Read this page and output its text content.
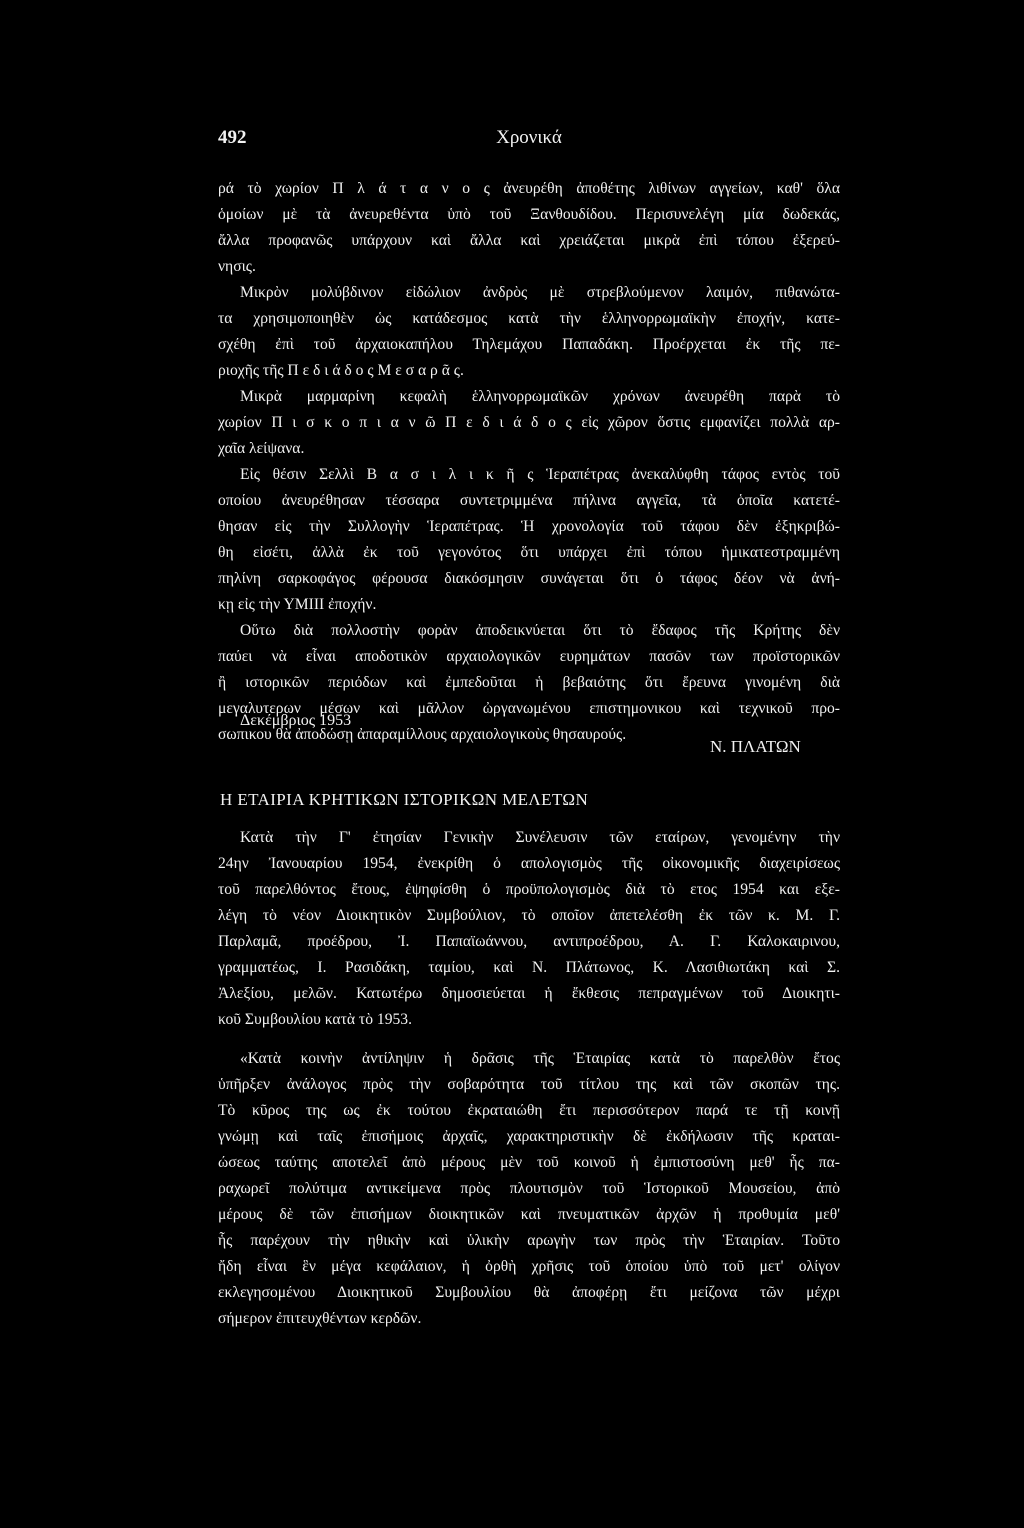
492	Χρονικά
ρά τὸ χωρίον Π λ ά τ α ν ο ς ἀνευρέθη ἀποθέτης λιθίνων αγγείων, καθ' ὅλα
ὁμοίων μὲ τὰ ἀνευρεθέντα ὑπὸ τοῦ Ξανθουδίδου. Περισυνελέγη μία δωδεκάς,
ἄλλα προφανῶς υπάρχουν καὶ ἄλλα καὶ χρειάζεται μικρὰ ἐπὶ τόπου ἐξερεύ-
νησις.
Μικρὸν μολύβδινον εἰδώλιον ἀνδρὸς μὲ στρεβλούμενον λαιμόν, πιθανώτα-
τα χρησιμοποιηθὲν ὡς κατάδεσμος κατὰ τὴν ἑλληνορρωμαϊκὴν ἐποχήν, κατε-
σχέθη ἐπὶ τοῦ ἀρχαιοκαπήλου Τηλεμάχου Παπαδάκη. Προέρχεται ἐκ τῆς πε-
ριοχῆς τῆς Π ε δ ι ά δ ο ς Μ ε σ α ρ ᾶ ς.
Μικρὰ μαρμαρίνη κεφαλὴ ἑλληνορρωμαϊκῶν χρόνων ἀνευρέθη παρὰ τὸ
χωρίον Π ι σ κ ο π ι α ν ῶ Π ε δ ι ά δ ο ς εἰς χῶρον ὅστις εμφανίζει πολλὰ αρ-
χαῖα λείψανα.
Εἰς θέσιν Σελλὶ Β α σ ι λ ι κ ῆ ς Ἱεραπέτρας ἀνεκαλύφθη τάφος εντὸς τοῦ
οποίου ἀνευρέθησαν τέσσαρα συντετριμμένα πήλινα αγγεῖα, τὰ ὁποῖα κατετέ-
θησαν εἰς τὴν Συλλογὴν Ἱεραπέτρας. Ἡ χρονολογία τοῦ τάφου δὲν ἐξηκριβώ-
θη εἰσέτι, ἀλλὰ ἐκ τοῦ γεγονότος ὅτι υπάρχει ἐπὶ τόπου ἡμικατεστραμμένη
πηλίνη σαρκοφάγος φέρουσα διακόσμησιν συνάγεται ὅτι ὁ τάφος δέον νὰ ἀνή-
κῃ εἰς τὴν ΥΜΙΙΙ ἐποχήν.
Οὕτω διὰ πολλοστὴν φορὰν ἀποδεικνύεται ὅτι τὸ ἔδαφος τῆς Κρήτης δὲν
παύει νὰ εἶναι αποδοτικὸν αρχαιολογικῶν ευρημάτων πασῶν των προϊστορικῶν
ἢ ιστορικῶν περιόδων καὶ ἐμπεδοῦται ἡ βεβαιότης ὅτι ἔρευνα γινομένη διὰ
μεγαλυτερων μέσων καὶ μᾶλλον ὠργανωμένου επιστημονικου καὶ τεχνικοῦ προ-
σωπικου θὰ ἀποδώσῃ ἀπαραμίλλους αρχαιολογικοὺς θησαυρούς.
Δεκέμβριος 1953
Ν. ΠΛΑΤΩΝ
Η ΕΤΑΙΡΙΑ ΚΡΗΤΙΚΩΝ ΙΣΤΟΡΙΚΩΝ ΜΕΛΕΤΩΝ
Κατὰ τὴν Γ' ἐτησίαν Γενικὴν Συνέλευσιν τῶν εταίρων, γενομένην τὴν
24ην Ἰανουαρίου 1954, ἐνεκρίθη ὁ απολογισμὸς τῆς οἰκονομικῆς διαχειρίσεως
τοῦ παρελθόντος ἔτους, ἐψηφίσθη ὁ προϋπολογισμὸς διὰ τὸ ετος 1954 και εξε-
λέγη τὸ νέον Διοικητικὸν Συμβούλιον, τὸ οποῖον ἀπετελέσθη ἐκ τῶν κ. Μ. Γ.
Παρλαμᾶ, προέδρου, Ἰ. Παπαϊωάννου, αντιπροέδρου, Α. Γ. Καλοκαιρινου,
γραμματέως, Ι. Ρασιδάκη, ταμίου, καὶ Ν. Πλάτωνος, Κ. Λασιθιωτάκη καὶ Σ.
Ἀλεξίου, μελῶν. Κατωτέρω δημοσιεύεται ἡ ἔκθεσις πεπραγμένων τοῦ Διοικητι-
κοῦ Συμβουλίου κατὰ τὸ 1953.
«Κατὰ κοινὴν ἀντίληψιν ἡ δρᾶσις τῆς Ἑταιρίας κατὰ τὸ παρελθὸν ἔτος
ὑπῆρξεν ἀνάλογος πρὸς τὴν σοβαρότητα τοῦ τίτλου της καὶ τῶν σκοπῶν της.
Τὸ κῦρος της ως ἐκ τούτου ἐκραταιώθη ἔτι περισσότερον παρά τε τῇ κοινῇ
γνώμῃ καὶ ταῖς ἐπισήμοις ἀρχαῖς, χαρακτηριστικὴν δὲ ἐκδήλωσιν τῆς κραται-
ώσεως ταύτης αποτελεῖ ἀπὸ μέρους μὲν τοῦ κοινοῦ ἡ ἐμπιστοσύνη μεθ' ἧς πα-
ραχωρεῖ πολύτιμα αντικείμενα πρὸς πλουτισμὸν τοῦ Ἱστορικοῦ Μουσείου, ἀπὸ
μέρους δὲ τῶν ἐπισήμων διοικητικῶν καὶ πνευματικῶν ἀρχῶν ἡ προθυμία μεθ'
ἧς παρέχουν τὴν ηθικὴν καὶ ὑλικὴν αρωγὴν των πρὸς τὴν Ἑταιρίαν. Τοῦτο
ἤδη εἶναι ἓν μέγα κεφάλαιον, ἡ ὀρθὴ χρῆσις τοῦ ὁποίου ὑπὸ τοῦ μετ' ολίγον
εκλεγησομένου Διοικητικοῦ Συμβουλίου θὰ ἀποφέρῃ ἔτι μείζονα τῶν μέχρι
σήμερον ἐπιτευχθέντων κερδῶν.
